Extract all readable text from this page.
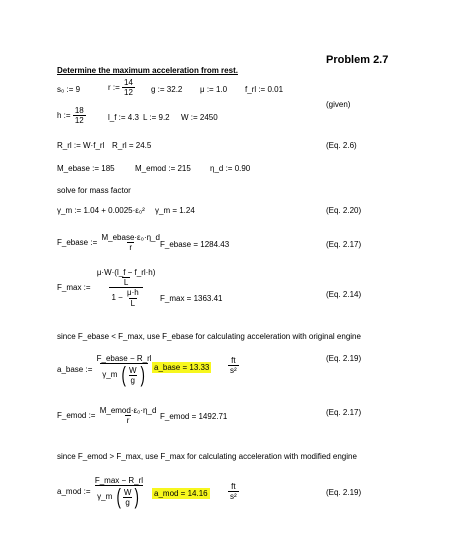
Problem 2.7
Determine the maximum acceleration from rest.
s₀ := 9	r := $\frac{14}{12}$ g := 32.2 μ := 1.0 f_rl := 0.01
(given)
h := $\frac{18}{12}$	l_f := 4.3 L := 9.2 W := 2450
R_rl := W·f_rl R_rl = 24.5	(Eq. 2.6)
M_ebase := 185	M_emod := 215 η_d := 0.90
solve for mass factor
γ_m := 1.04 + 0.0025·ε₀² γ_m = 1.24	(Eq. 2.20)
F_ebase := $\frac{\text{M\_ebase·ε₀·η\_d}}{r}$
F_ebase = 1284.43	(Eq. 2.17)
F_max := $\frac{\frac{\mu\cdot W\cdot(l\_f - f\_rl\cdot h)}{L}}{1 - \frac{\mu\cdot h}{L}}$ F_max = 1363.41	(Eq. 2.14)
since F_ebase < F_max, use F_ebase for calculating acceleration with original engine
a_base :=
F_ebase − R_rl
γ_m ( $\frac{W}{g}$ ) a_base = $13.33 \frac{ft}{\text{s²}}$	(Eq. 2.19)
F_emod := $\frac{\text{M\_emod·ε₀·η\_d}}{r}$ F_emod = 1492.71	(Eq. 2.17)
since F_emod > F_max, use F_max for calculating acceleration with modified engine
a_mod :=
F_max − R_rl
γ_m ( $\frac{W}{g}$ ) a_mod = 14.16	$\frac{ft}{\text{s²}}$	(Eq. 2.19)
